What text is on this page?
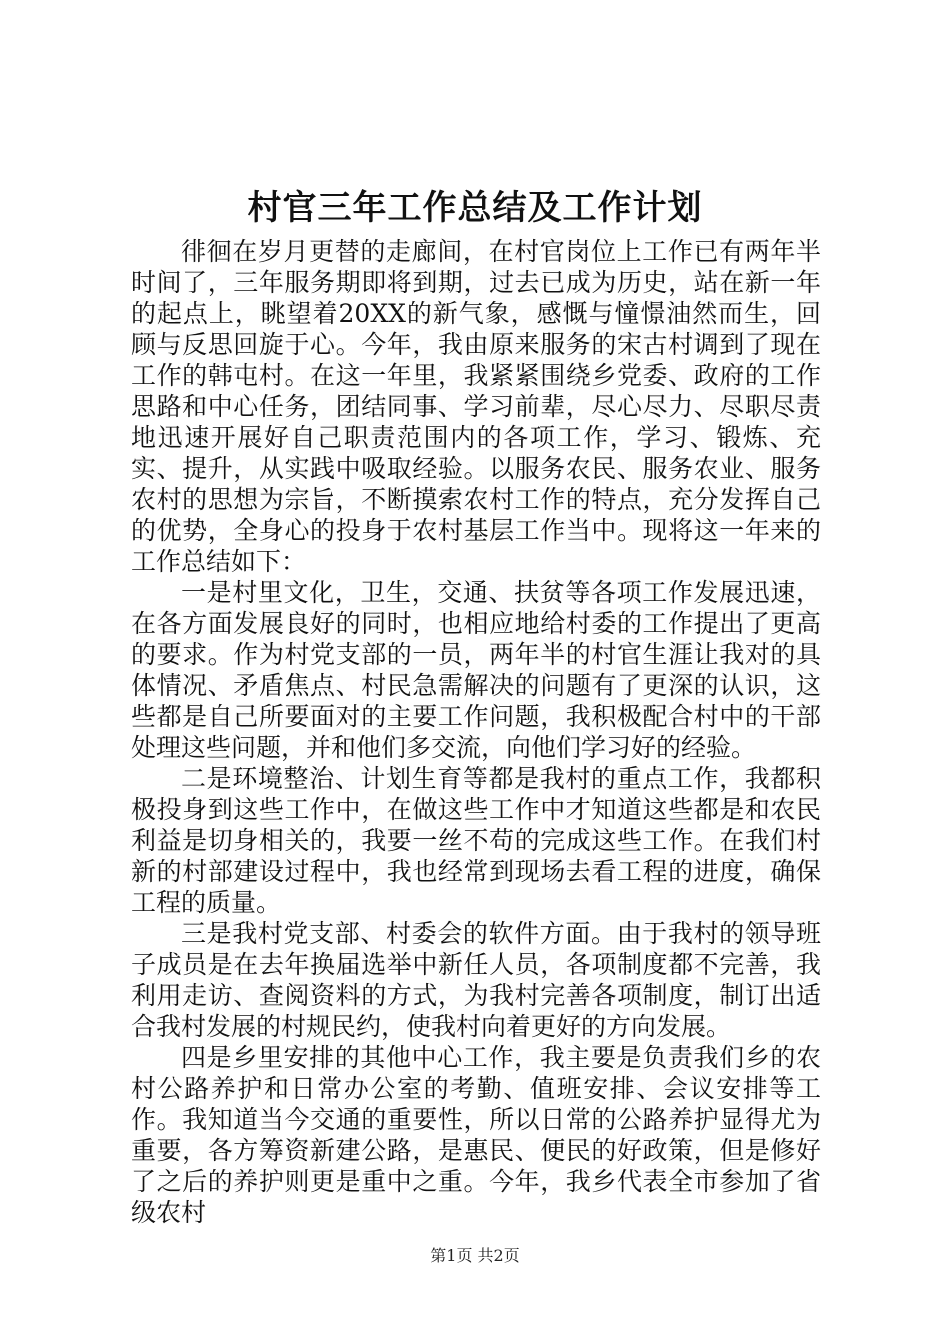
村官三年工作总结及工作计划

徘徊在岁月更替的走廊间，在村官岗位上工作已有两年半时间了，三年服务期即将到期，过去已成为历史，站在新一年的起点上，眺望着20XX的新气象，感慨与憧憬油然而生，回顾与反思回旋于心。今年，我由原来服务的宋古村调到了现在工作的韩屯村。在这一年里，我紧紧围绕乡党委、政府的工作思路和中心任务，团结同事、学习前辈，尽心尽力、尽职尽责地迅速开展好自己职责范围内的各项工作，学习、锻炼、充实、提升，从实践中吸取经验。以服务农民、服务农业、服务农村的思想为宗旨，不断摸索农村工作的特点，充分发挥自己的优势，全身心的投身于农村基层工作当中。现将这一年来的工作总结如下：

一是村里文化，卫生，交通、扶贫等各项工作发展迅速，在各方面发展良好的同时，也相应地给村委的工作提出了更高的要求。作为村党支部的一员，两年半的村官生涯让我对的具体情况、矛盾焦点、村民急需解决的问题有了更深的认识，这些都是自己所要面对的主要工作问题，我积极配合村中的干部处理这些问题，并和他们多交流，向他们学习好的经验。

二是环境整治、计划生育等都是我村的重点工作，我都积极投身到这些工作中，在做这些工作中才知道这些都是和农民利益是切身相关的，我要一丝不苟的完成这些工作。在我们村新的村部建设过程中，我也经常到现场去看工程的进度，确保工程的质量。

三是我村党支部、村委会的软件方面。由于我村的领导班子成员是在去年换届选举中新任人员，各项制度都不完善，我利用走访、查阅资料的方式，为我村完善各项制度，制订出适合我村发展的村规民约，使我村向着更好的方向发展。

四是乡里安排的其他中心工作，我主要是负责我们乡的农村公路养护和日常办公室的考勤、值班安排、会议安排等工作。我知道当今交通的重要性，所以日常的公路养护显得尤为重要，各方筹资新建公路，是惠民、便民的好政策，但是修好了之后的养护则更是重中之重。今年，我乡代表全市参加了省级农村

第1页 共2页
